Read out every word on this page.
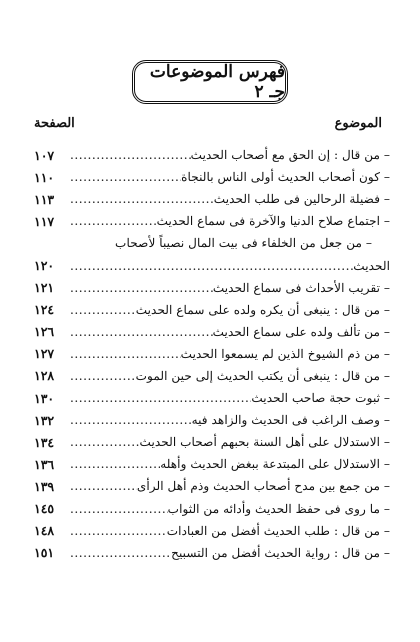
فهرس الموضوعات جـ ٢
الموضوع
الصفحة
– من قال : إن الحق مع أصحاب الحديث
.....
١٠٧
– كون أصحاب الحديث أولى الناس بالنجاة
.....
١١٠
– فضيلة الرحالين فى طلب الحديث
.....
١١٣
– اجتماع صلاح الدنيا والآخرة فى سماع الحديث
.....
١١٧
– من جعل من الخلفاء فى بيت المال نصيباً لأصحاب
الحديث
.....
١٢٠
– تقريب الأحداث فى سماع الحديث
.....
١٢١
– من قال : ينبغى أن يكره ولده على سماع الحديث
.....
١٢٤
– من تألف ولده على سماع الحديث
.....
١٢٦
– من ذم الشيوخ الذين لم يسمعوا الحديث
.....
١٢٧
– من قال : ينبغى أن يكتب الحديث إلى حين الموت
.....
١٢٨
– ثبوت حجة صاحب الحديث
.....
١٣٠
– وصف الراغب فى الحديث والزاهد فيه
.....
١٣٢
– الاستدلال على أهل السنة بحبهم أصحاب الحديث
.....
١٣٤
– الاستدلال على المبتدعة ببغض الحديث وأهله
.....
١٣٦
– من جمع بين مدح أصحاب الحديث وذم أهل الرأى
.....
١٣٩
– ما روى فى حفظ الحديث وأدائه من الثواب
.....
١٤٥
– من قال : طلب الحديث أفضل من العبادات
.....
١٤٨
– من قال : رواية الحديث أفضل من التسبيح
.....
١٥١
